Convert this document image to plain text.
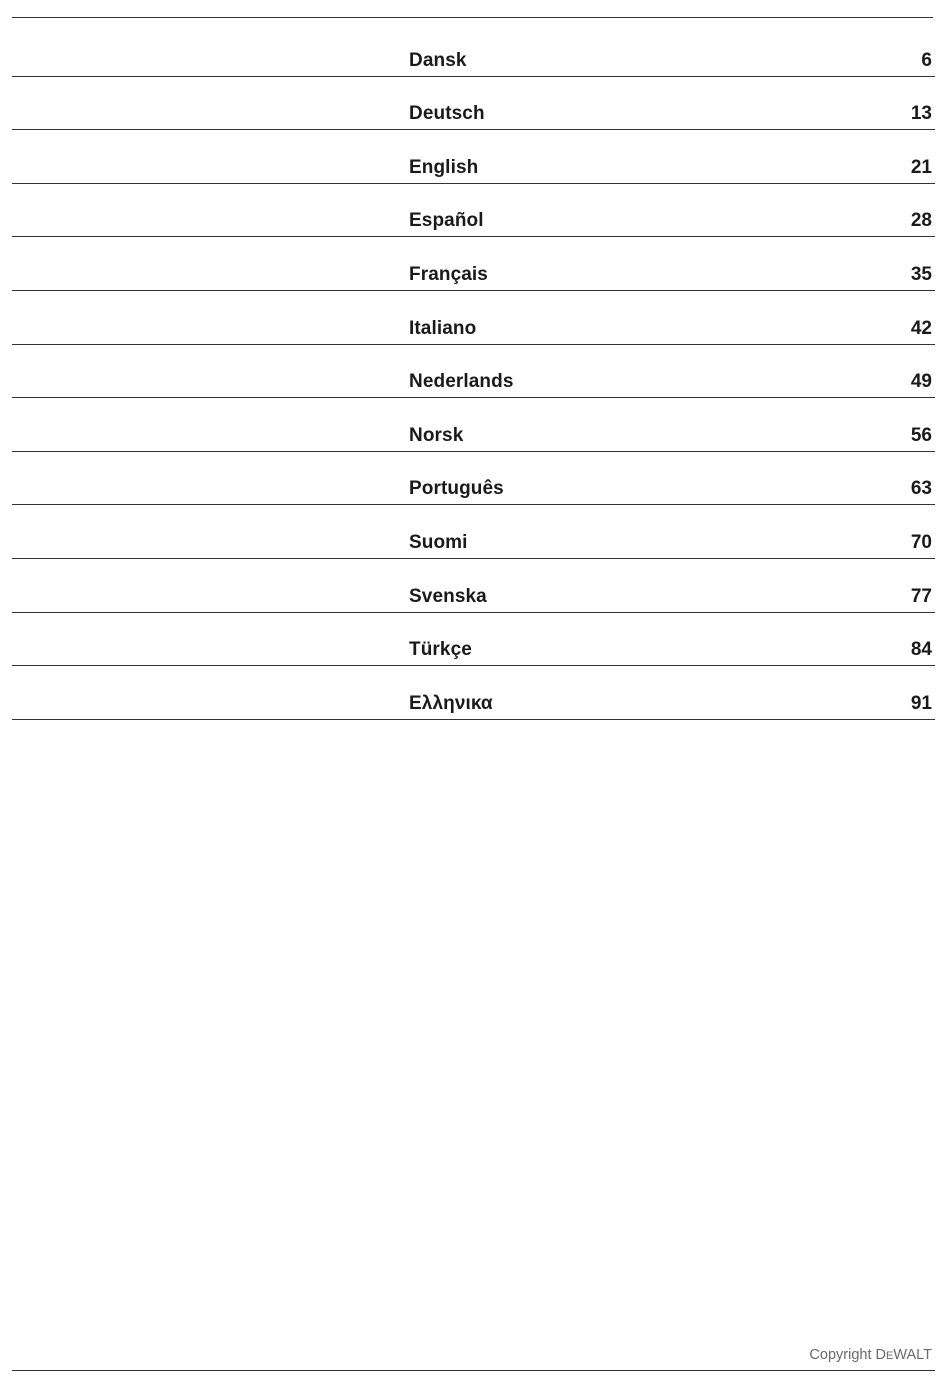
Dansk	6
Deutsch	13
English	21
Español	28
Français	35
Italiano	42
Nederlands	49
Norsk	56
Português	63
Suomi	70
Svenska	77
Türkçe	84
Ελληνικα	91
Copyright DEWALT
